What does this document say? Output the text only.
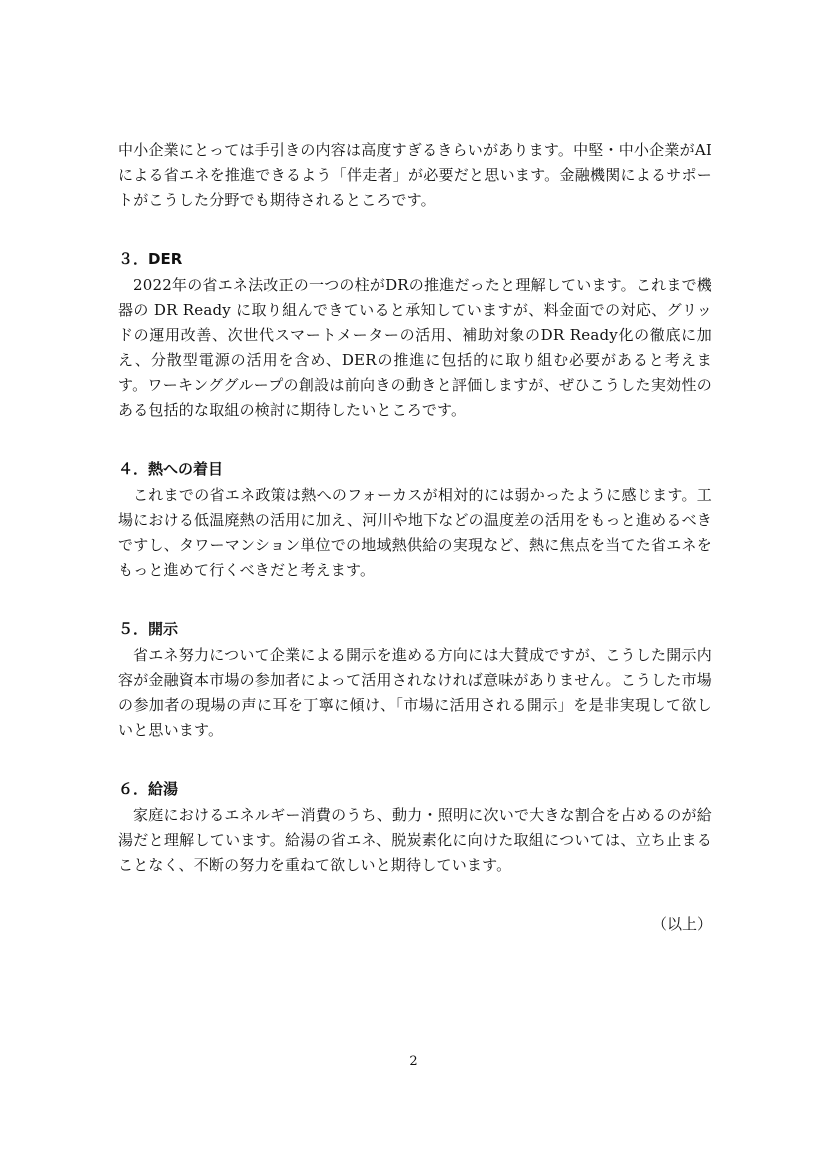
中小企業にとっては手引きの内容は高度すぎるきらいがあります。中堅・中小企業がAIによる省エネを推進できるよう「伴走者」が必要だと思います。金融機関によるサポートがこうした分野でも期待されるところです。

３．DER

2022年の省エネ法改正の一つの柱がDRの推進だったと理解しています。これまで機器の DR Ready に取り組んできていると承知していますが、料金面での対応、グリッドの運用改善、次世代スマートメーターの活用、補助対象のDR Ready化の徹底に加え、分散型電源の活用を含め、DERの推進に包括的に取り組む必要があると考えます。ワーキンググループの創設は前向きの動きと評価しますが、ぜひこうした実効性のある包括的な取組の検討に期待したいところです。

４．熱への着目

これまでの省エネ政策は熱へのフォーカスが相対的には弱かったように感じます。工場における低温廃熱の活用に加え、河川や地下などの温度差の活用をもっと進めるべきですし、タワーマンション単位での地域熱供給の実現など、熱に焦点を当てた省エネをもっと進めて行くべきだと考えます。

５．開示

省エネ努力について企業による開示を進める方向には大賛成ですが、こうした開示内容が金融資本市場の参加者によって活用されなければ意味がありません。こうした市場の参加者の現場の声に耳を丁寧に傾け、「市場に活用される開示」を是非実現して欲しいと思います。

６．給湯

家庭におけるエネルギー消費のうち、動力・照明に次いで大きな割合を占めるのが給湯だと理解しています。給湯の省エネ、脱炭素化に向けた取組については、立ち止まることなく、不断の努力を重ねて欲しいと期待しています。

（以上）
2
